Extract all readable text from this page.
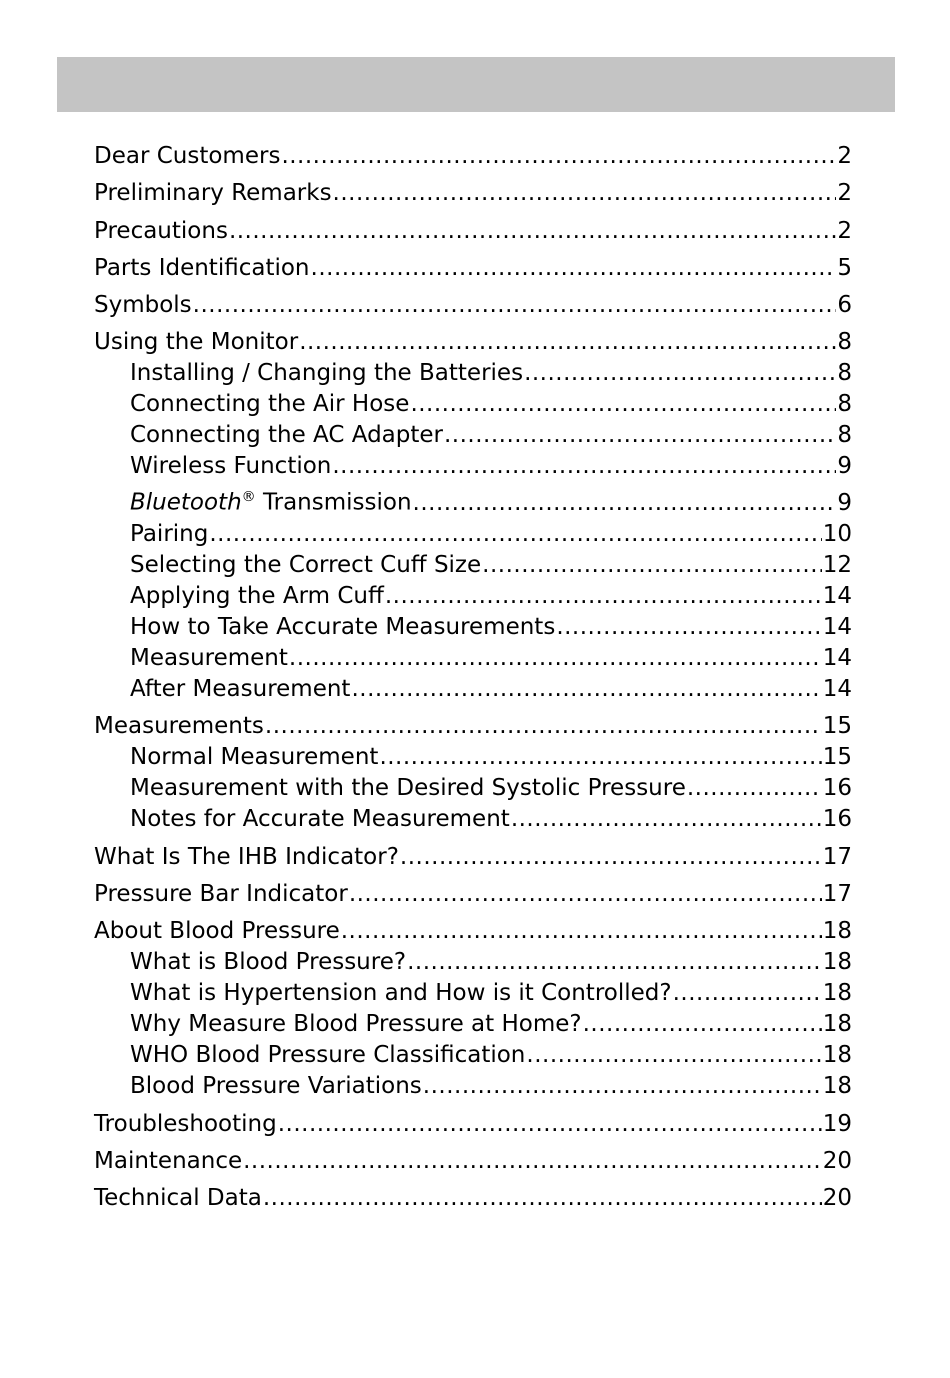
Dear Customers .....	2
Preliminary Remarks .....	2
Precautions .....	2
Parts Identification .....	5
Symbols .....	6
Using the Monitor .....	8
Installing / Changing the Batteries .....	8
Connecting the Air Hose .....	8
Connecting the AC Adapter .....	8
Wireless Function .....	9
Bluetooth® Transmission .....	9
Pairing .....	10
Selecting the Correct Cuff Size .....	12
Applying the Arm Cuff .....	14
How to Take Accurate Measurements .....	14
Measurement .....	14
After Measurement .....	14
Measurements .....	15
Normal Measurement .....	15
Measurement with the Desired Systolic Pressure .....	16
Notes for Accurate Measurement .....	16
What Is The IHB Indicator? .....	17
Pressure Bar Indicator .....	17
About Blood Pressure .....	18
What is Blood Pressure? .....	18
What is Hypertension and How is it Controlled? .....	18
Why Measure Blood Pressure at Home? .....	18
WHO Blood Pressure Classification .....	18
Blood Pressure Variations .....	18
Troubleshooting .....	19
Maintenance .....	20
Technical Data .....	20
